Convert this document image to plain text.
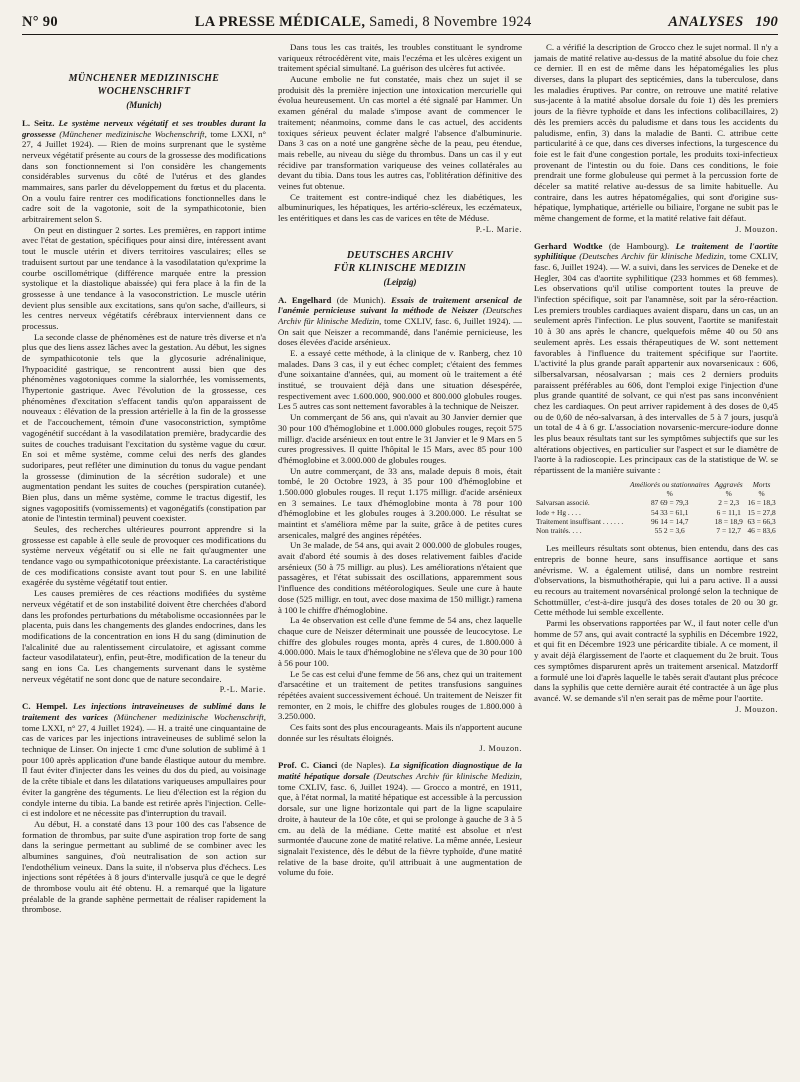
N° 90	LA PRESSE MÉDICALE, Samedi, 8 Novembre 1924	ANALYSES 190
MÜNCHENER MEDIZINISCHE
WOCHENSCHRIFT
(Munich)

L. Seitz. Le système nerveux végétatif et ses troubles durant la grossesse (Münchener medizinische Wochenschrift, tome LXXI, n° 27, 4 Juillet 1924). — Rien de moins surprenant que le système nerveux végétatif présente au cours de la grossesse des modifications dans son fonctionnement si l'on considère les changements considérables survenus du côté de l'utérus et des glandes mammaires, sans parler du développement du fœtus et du placenta. On a voulu faire rentrer ces modifications fonctionnelles dans le cadre soit de la vagotonie, soit de la sympathicotonie, bien arbitrairement selon S.

On peut en distinguer 2 sortes. Les premières, en rapport intime avec l'état de gestation, spécifiques pour ainsi dire, intéressent avant tout le muscle utérin et divers territoires vasculaires; elles se traduisent surtout par une tendance à la vasodilatation qu'exprime la courbe oscillométrique (différence marquée entre la pression systolique et la diastolique abaissée) qui fera place à la fin de la grossesse à une tendance à la vasoconstriction. Le muscle utérin devient plus sensible aux excitations, sans qu'on sache, d'ailleurs, si les centres nerveux végétatifs cérébraux interviennent dans ce processus.

La seconde classe de phénomènes est de nature très diverse et n'a plus que des liens assez lâches avec la gestation. Au début, les signes de sympathicotonie tels que la glycosurie adrénalinique, l'hypoacidité gastrique, se rencontrent aussi bien que des phénomènes vagotoniques comme la sialorrhée, les vomissements, l'hypertonie gastrique. Avec l'évolution de la grossesse, ces phénomènes d'excitation s'effacent tandis qu'on apparaissent de nouveaux : élévation de la pression artérielle à la fin de la grossesse et de l'accouchement, témoin d'une vasoconstriction, symptôme vagogénétif succédant à la vasodilatation première, bradycardie des suites de couches traduisant l'excitation du système vague du cœur. En soi et même système, comme celui des nerfs des glandes sudoripares, peut refléter une diminution du tonus du vague pendant la grossesse (diminution de la sécrétion sudorale) et une augmentation pendant les suites de couches (perspiration cutanée). Bien plus, dans un même système, comme le tractus digestif, les signes vagopositifs (vomissements) et vagonégatifs (constipation par atonie de l'intestin terminal) peuvent coexister.

Seules, des recherches ultérieures pourront apprendre si la grossesse est capable à elle seule de provoquer ces modifications du système nerveux végétatif ou si elle ne fait qu'augmenter une tendance vago ou sympathicotonique préexistante. La caractéristique de ces modifications consiste avant tout pour S. en une labilité exagérée du système végétatif tout entier.

Les causes premières de ces réactions modifiées du système nerveux végétatif et de son instabilité doivent être cherchées d'abord dans les profondes perturbations du métabolisme occasionnées par le placenta, puis dans les changements des glandes endocrines, dans les modifications de la concentration en ions H du sang (diminution de l'alcalinité due au ralentissement circulatoire, et agissant comme facteur vasodilatateur), enfin, peut-être, modification de la teneur du sang en ions Ca. Les changements survenant dans le système nerveux végétatif ne sont donc que de nature secondaire.

P.-L. Marie.

C. Hempel. Les injections intraveineuses de sublimé dans le traitement des varices (Münchener medizinische Wochenschrift, tome LXXI, n° 27, 4 Juillet 1924). — H. a traité une cinquantaine de cas de varices par les injections intraveineuses de sublimé selon la technique de Linser. On injecte 1 cmc d'une solution de sublimé à 1 pour 100 après application d'une bande élastique autour du membre. Il faut éviter d'injecter dans les veines du dos du pied, au voisinage de la crête tibiale et dans les dilatations variqueuses ampullaires pour éviter la gangrène des téguments. Le lieu d'élection est la région du condyle interne du tibia. La bande est retirée après l'injection. Celle-ci est indolore et ne nécessite pas d'interruption du travail.

Au début, H. a constaté dans 13 pour 100 des cas l'absence de formation de thrombus, par suite d'une aspiration trop forte de sang dans la seringue permettant au sublimé de se combiner avec les albumines sanguines, d'où neutralisation de son action sur l'endothélium veineux. Dans la suite, il n'observa plus d'échecs. Les injections sont répétées à 8 jours d'intervalle jusqu'à ce que le degré de thrombose voulu ait été obtenu. H. a remarqué que la ligature préalable de la grande saphène permettait de réaliser rapidement la thrombose.

Dans tous les cas traités, les troubles constituant le syndrome variqueux rétrocédèrent vite, mais l'eczéma et les ulcères exigent un traitement spécial simultané. La guérison des ulcères fut activée.

Aucune embolie ne fut constatée, mais chez un sujet il se produisit dès la première injection une intoxication mercurielle qui évolua heureusement. Un cas mortel a été signalé par Hammer. Un examen général du malade s'impose avant de commencer le traitement; néanmoins, comme dans le cas actuel, des accidents toxiques sérieux peuvent éclater malgré l'absence d'albuminurie. Dans 3 cas on a noté une gangrène sèche de la peau, peu étendue, mais rebelle, au niveau du siège du thrombus. Dans un cas il y eut récidive par transformation variqueuse des veines collatérales au devant du tibia. Dans tous les autres cas, l'oblitération définitive des veines fut obtenue.

Ce traitement est contre-indiqué chez les diabétiques, les albuminuriques, les hépatiques, les artério-scléreux, les eczémateux, les entéritiques et dans les cas de varices en tête de Méduse.

P.-L. Marie.
DEUTSCHES ARCHIV
FÜR KLINISCHE MEDIZIN
(Leipzig)

A. Engelhard (de Munich). Essais de traitement arsenical de l'anémie pernicieuse suivant la méthode de Neiszer (Deutsches Archiv für klinische Medizin, tome CXLIV, fasc. 6, Juillet 1924). — On sait que Neiszer a recommandé, dans l'anémie pernicieuse, les doses élevées d'acide arsénieux.

E. a essayé cette méthode, à la clinique de v. Ranberg, chez 10 malades. Dans 3 cas, il y eut échec complet; c'étaient des femmes d'une soixantaine d'années, qui, au moment où le traitement a été institué, se trouvaient déjà dans une situation désespérée, respectivement avec 1.600.000, 900.000 et 800.000 globules rouges. Les 5 autres cas sont nettement favorables à la technique de Neiszer.

Un commerçant de 56 ans, qui n'avait au 30 Janvier dernier que 30 pour 100 d'hémoglobine et 1.000.000 globules rouges, reçoit 575 milligr. d'acide arsénieux en tout entre le 31 Janvier et le 9 Mars en 5 cures progressives. Il quitte l'hôpital le 15 Mars, avec 85 pour 100 d'hémoglobine et 3.000.000 de globules rouges.

Un autre commerçant, de 33 ans, malade depuis 8 mois, était tombé, le 20 Octobre 1923, à 35 pour 100 d'hémoglobine et 1.500.000 globules rouges. Il reçut 1.175 milligr. d'acide arsénieux en 3 semaines. Le taux d'hémoglobine monta à 78 pour 100 d'hémoglobine et les globules rouges à 3.200.000. Le résultat se maintint et s'améliora même par la suite, grâce à de petites cures arsenicales, malgré des angines répétées.

Un 3e malade, de 54 ans, qui avait 2 000.000 de globules rouges, avait d'abord été soumis à des doses relativement faibles d'acide arsénieux (50 à 75 milligr. au plus). Les améliorations n'étaient que passagères, et l'état subissait des oscillations, apparemment sous l'influence des conditions météorologiques. Seule une cure à haute dose (525 milligr. en tout, avec dose maxima de 150 milligr.) ramena à 100 le chiffre d'hémoglobine.

La 4e observation est celle d'une femme de 54 ans, chez laquelle chaque cure de Neiszer déterminait une poussée de leucocytose. Le chiffre des globules rouges monta, après 4 cures, de 1.800.000 à 4.000.000. Mais le taux d'hémoglobine ne s'éleva que de 30 pour 100 à 56 pour 100.

Le 5e cas est celui d'une femme de 56 ans, chez qui un traitement d'arsacétine et un traitement de petites transfusions sanguines répétées avaient successivement échoué. Un traitement de Neiszer fit remonter, en 2 mois, le chiffre des globules rouges de 1.800.000 à 3.250.000.

Ces faits sont des plus encourageants. Mais ils n'apportent aucune donnée sur les résultats éloignés.

J. Mouzon.

Prof. C. Cianci (de Naples). La signification diagnostique de la matité hépatique dorsale (Deutsches Archiv für klinische Medizin, tome CXLIV, fasc. 6, Juillet 1924). — Grocco a montré, en 1911, que, à l'état normal, la matité hépatique est accessible à la percussion dorsale, sur une ligne horizontale qui part de la ligne scapulaire droite, à hauteur de la 10e côte, et qui se prolonge à gauche de 3 à 5 cm. au delà de la médiane. Cette matité est absolue et n'est surmontée d'aucune zone de matité relative. La même année, Lesieur signalait l'existence, dès le début de la fièvre typhoïde, d'une matité relative de la base droite, qu'il attribuait à une augmentation de volume du foie.

C. a vérifié la description de Grocco chez le sujet normal. Il n'y a jamais de matité relative au-dessus de la matité absolue du foie chez ce dernier. Il en est de même dans les hépatomégalies les plus diverses, dans la plupart des septicémies, dans la tuberculose, dans les maladies éruptives. Par contre, on retrouve une matité relative sus-jacente à la matité absolue dorsale du foie 1) dès les premiers jours de la fièvre typhoïde et dans les infections colibacillaires, 2) dès les premiers accès du paludisme et dans tous les accidents du paludisme, enfin, 3) dans la maladie de Banti. C. attribue cette particularité à ce que, dans ces diverses infections, la turgescence du foie est le fait d'une congestion portale, les produits toxi-infectieux provenant de l'intestin ou du foie. Dans ces conditions, le foie prendrait une forme globuleuse qui permet à la percussion forte de déceler sa matité relative au-dessus de sa limite habituelle. Au contraire, dans les autres hépatomégalies, qui sont d'origine sus-hépatique, lymphatique, artérielle ou biliaire, l'organe ne subit pas le même changement de forme, et la matité relative fait défaut.

J. Mouzon.

Gerhard Wodtke (de Hambourg). Le traitement de l'aortite syphilitique (Deutsches Archiv für klinische Medizin, tome CXLIV, fasc. 6, Juillet 1924). — W. a suivi, dans les services de Deneke et de Hegler, 304 cas d'aortite syphilitique (233 hommes et 68 femmes). Les observations qu'il utilise comportent toutes la preuve de l'infection spécifique, soit par l'anamnèse, soit par la séro-réaction. Les premiers troubles cardiaques avaient disparu, dans un cas, un an seulement après l'infection. Le plus souvent, l'aortite se manifestait 10 à 30 ans après le chancre, quelquefois même 40 ou 50 ans seulement après. Les essais thérapeutiques de W. sont nettement favorables à l'influence du traitement spécifique sur l'aortite. L'activité la plus grande paraît appartenir aux novarsenicaux : 606, silbersalvarsan, néosalvarsan ; mais ces 2 derniers produits paraissent préférables au 606, dont l'emploi exige l'injection d'une plus grande quantité de solvant, ce qui n'est pas sans inconvénient chez les cardiaques. On peut arriver rapidement à des doses de 0,45 ou de 0,60 de néo-salvarsan, à des intervalles de 5 à 7 jours, jusqu'à un total de 4 à 6 gr. L'association novarsenic-mercure-iodure donne les plus beaux résultats tant sur les symptômes subjectifs que sur les altérations objectives, en particulier sur l'aspect et sur le diamètre de l'aorte à la radioscopie. Les principaux cas de la statistique de W. se répartissent de la manière suivante :

	Améliorés ou stationnaires	Aggravés	Morts
	%	%	%
Salvarsan associé.	87 69 = 79,3	2 = 2,3	16 = 18,3
Iode + Hg . . . .	54 33 = 61,1	6 = 11,1	15 = 27,8
Traitement insuffisant . . . . . .	96 14 = 14,7	18 = 18,9	63 = 66,3
Non traités. . . .	55 2 = 3,6	7 = 12,7	46 = 83,6

Les meilleurs résultats sont obtenus, bien entendu, dans des cas entrepris de bonne heure, sans insuffisance aortique et sans anévrisme. W. a également utilisé, dans un nombre restreint d'observations, la bismuthothérapie, qui lui a paru active. Il a aussi eu recours au traitement novarsénical prolongé selon la technique de Schottmüller, c'est-à-dire jusqu'à des doses totales de 20 ou 30 gr. Cette méthode lui semble excellente.

Parmi les observations rapportées par W., il faut noter celle d'un homme de 57 ans, qui avait contracté la syphilis en Décembre 1922, et qui fit en Décembre 1923 une péricardite tibiale. A ce moment, il y avait déjà élargissement de l'aorte et claquement du 2e bruit. Tous ces symptômes disparurent après un traitement arsenical. Matzdorff a formulé une loi d'après laquelle le tabès serait d'autant plus précoce dans la syphilis que cette dernière aurait été contractée à un âge plus avancé. W. se demande s'il n'en serait pas de même pour l'aortite.

J. Mouzon.
